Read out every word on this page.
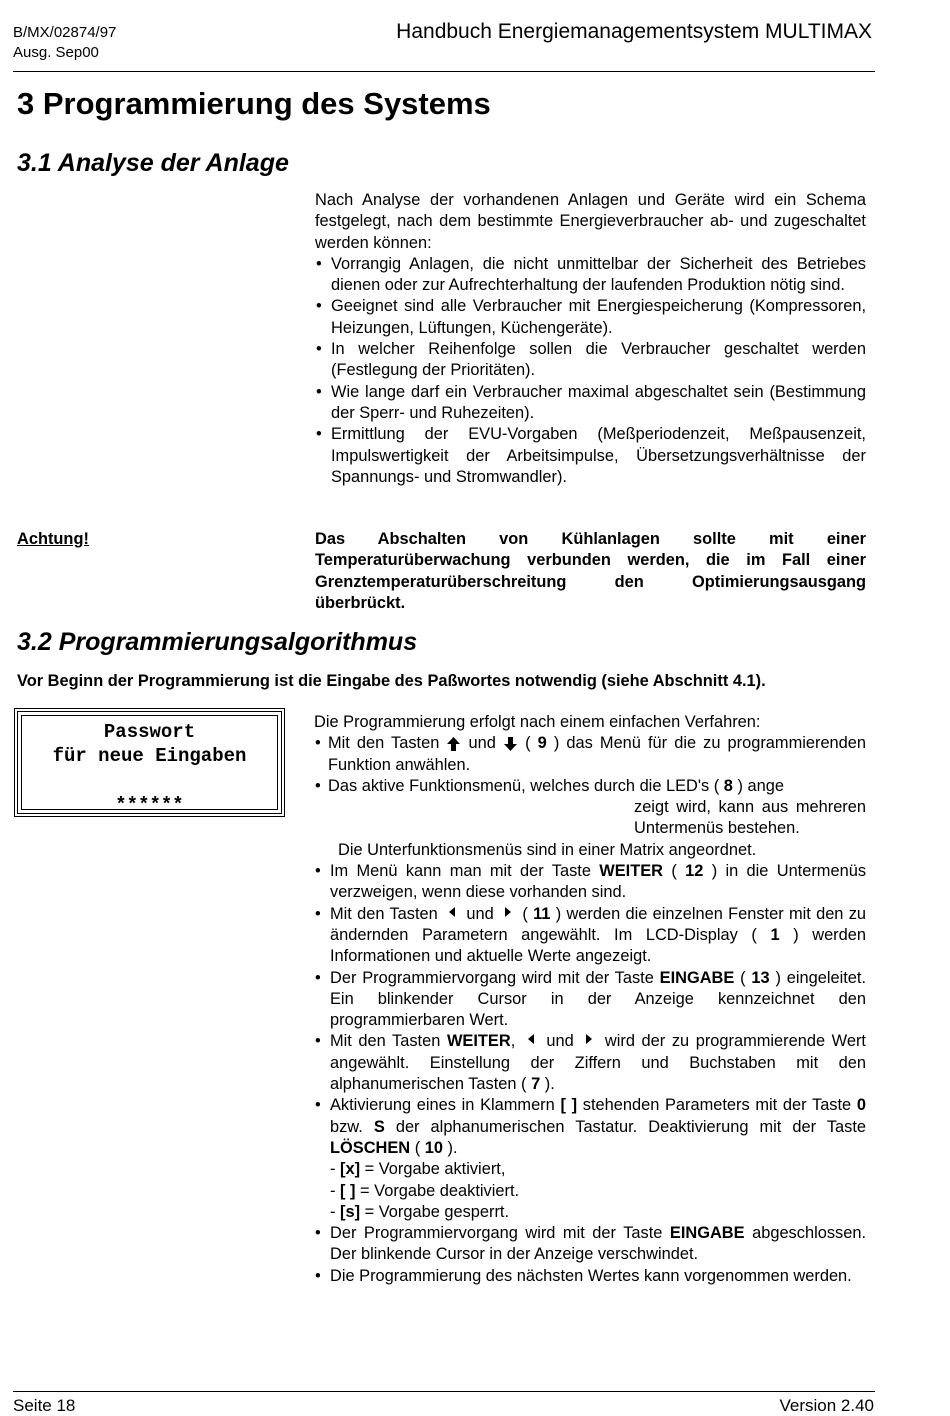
B/MX/02874/97
Ausg. Sep00
Handbuch Energiemanagementsystem MULTIMAX
3 Programmierung des Systems
3.1 Analyse der Anlage
Nach Analyse der vorhandenen Anlagen und Geräte wird ein Schema festgelegt, nach dem bestimmte Energieverbraucher ab- und zugeschaltet werden können:
• Vorrangig Anlagen, die nicht unmittelbar der Sicherheit des Betriebes dienen oder zur Aufrechterhaltung der laufenden Produktion nötig sind.
• Geeignet sind alle Verbraucher mit Energiespeicherung (Kompressoren, Heizungen, Lüftungen, Küchengeräte).
• In welcher Reihenfolge sollen die Verbraucher geschaltet werden (Festlegung der Prioritäten).
• Wie lange darf ein Verbraucher maximal abgeschaltet sein (Bestimmung der Sperr- und Ruhezeiten).
• Ermittlung der EVU-Vorgaben (Meßperiodenzeit, Meßpausenzeit, Impulswertigkeit der Arbeitsimpulse, Übersetzungsverhältnisse der Spannungs- und Stromwandler).
Achtung!	Das Abschalten von Kühlanlagen sollte mit einer Temperaturüberwachung verbunden werden, die im Fall einer Grenztemperaturüberschreitung den Optimierungsausgang überbrückt.
3.2 Programmierungsalgorithmus
Vor Beginn der Programmierung ist die Eingabe des Paßwortes notwendig (siehe Abschnitt 4.1).
Passwort
für neue Eingaben
******
Die Programmierung erfolgt nach einem einfachen Verfahren:
• Mit den Tasten und ( 9 ) das Menü für die zu programmierenden Funktion anwählen.
• Das aktive Funktionsmenü, welches durch die LED's ( 8 ) ange
zeigt wird, kann aus mehreren Untermenüs bestehen.
Die Unterfunktionsmenüs sind in einer Matrix angeordnet.
• Im Menü kann man mit der Taste WEITER ( 12 ) in die Untermenüs verzweigen, wenn diese vorhanden sind.
• Mit den Tasten und ( 11 ) werden die einzelnen Fenster mit den zu ändernden Parametern angewählt. Im LCD-Display ( 1 ) werden Informationen und aktuelle Werte angezeigt.
• Der Programmiervorgang wird mit der Taste EINGABE ( 13 ) eingeleitet. Ein blinkender Cursor in der Anzeige kennzeichnet den programmierbaren Wert.
• Mit den Tasten WEITER, und wird der zu programmierende Wert angewählt. Einstellung der Ziffern und Buchstaben mit den alphanumerischen Tasten ( 7 ).
• Aktivierung eines in Klammern [ ] stehenden Parameters mit der Taste 0 bzw. S der alphanumerischen Tastatur. Deaktivierung mit der Taste LÖSCHEN ( 10 ).
- [x] = Vorgabe aktiviert,
- [ ] = Vorgabe deaktiviert.
- [s] = Vorgabe gesperrt.
• Der Programmiervorgang wird mit der Taste EINGABE abgeschlossen. Der blinkende Cursor in der Anzeige verschwindet.
• Die Programmierung des nächsten Wertes kann vorgenommen werden.
Seite 18	Version 2.40
